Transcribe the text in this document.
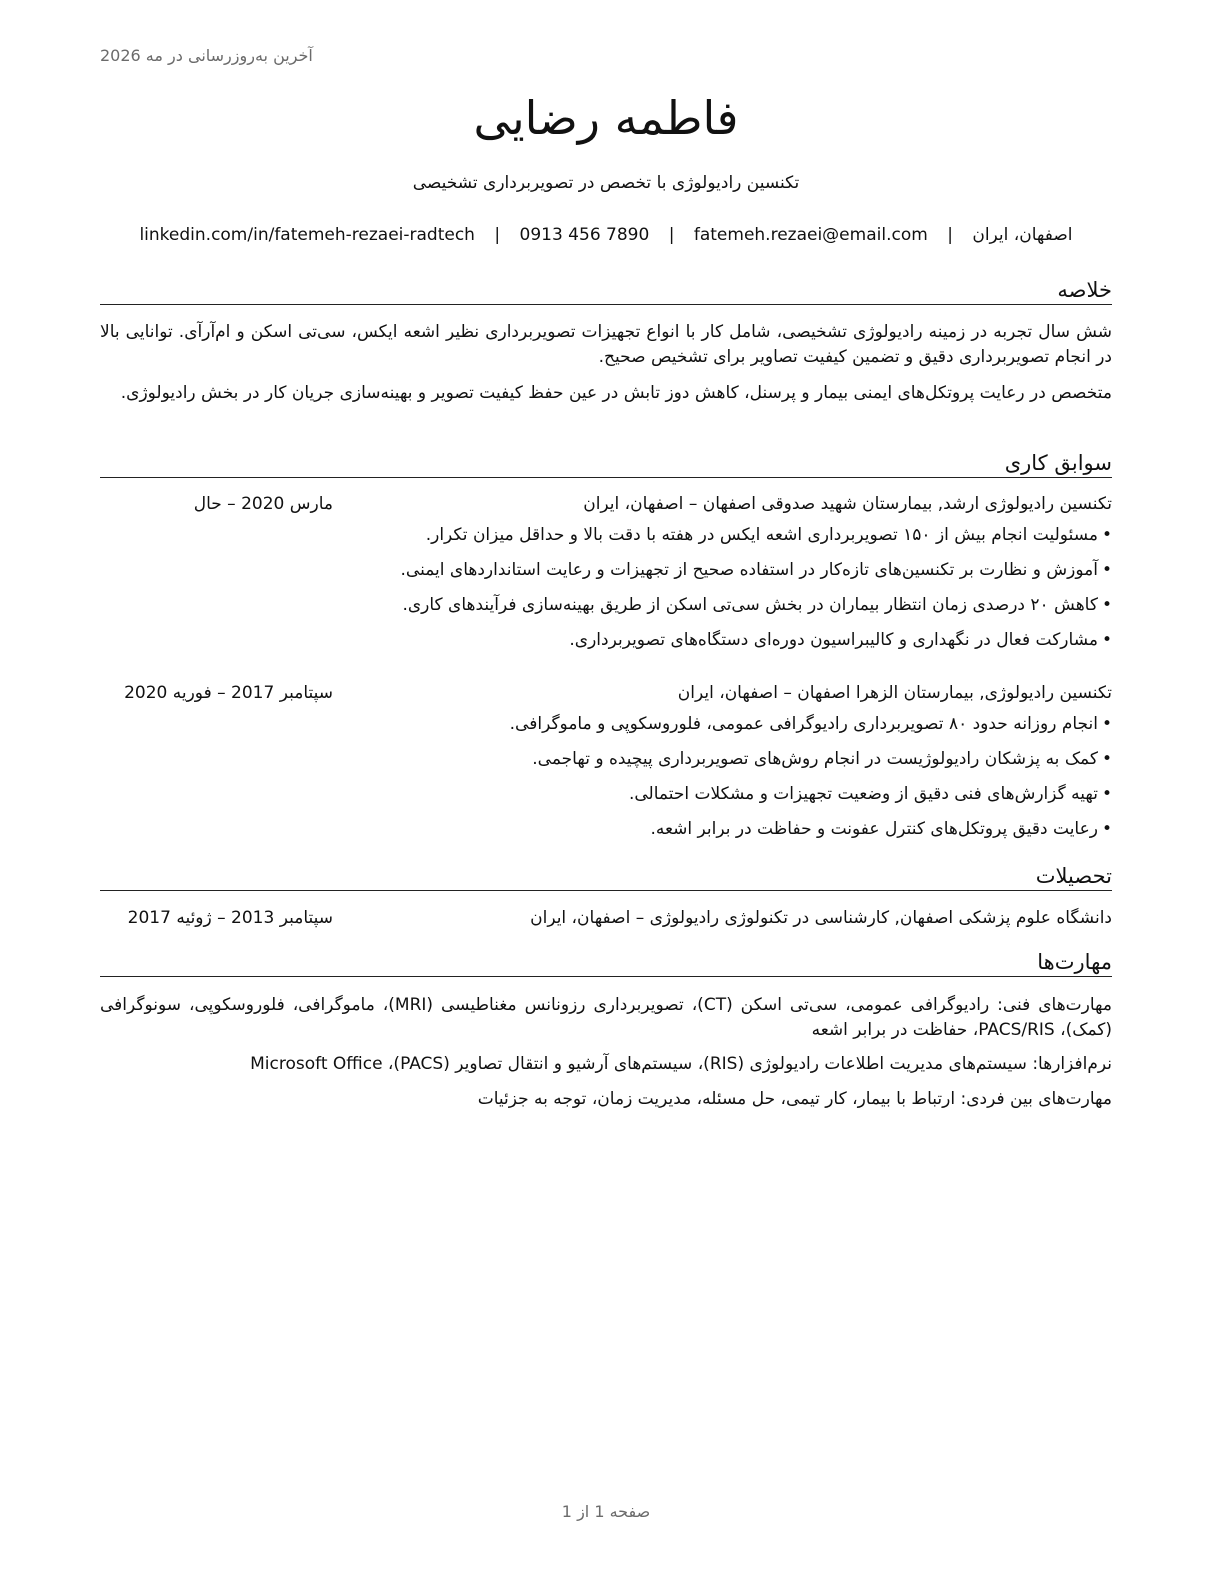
آخرین به‌روزرسانی در مه 2026
فاطمه رضایی
تکنسین رادیولوژی با تخصص در تصویربرداری تشخیصی
اصفهان، ایران | fatemeh.rezaei@email.com | 0913 456 7890 | linkedin.com/in/fatemeh-rezaei-radtech
خلاصه
شش سال تجربه در زمینه رادیولوژی تشخیصی، شامل کار با انواع تجهیزات تصویربرداری نظیر اشعه ایکس، سی‌تی اسکن و ام‌آرآی. توانایی بالا در انجام تصویربرداری دقیق و تضمین کیفیت تصاویر برای تشخیص صحیح.
متخصص در رعایت پروتکل‌های ایمنی بیمار و پرسنل، کاهش دوز تابش در عین حفظ کیفیت تصویر و بهینه‌سازی جریان کار در بخش رادیولوژی.
سوابق کاری
تکنسین رادیولوژی ارشد, بیمارستان شهید صدوقی اصفهان – اصفهان، ایران
مارس 2020 – حال
•مسئولیت انجام بیش از ۱۵۰ تصویربرداری اشعه ایکس در هفته با دقت بالا و حداقل میزان تکرار.
•آموزش و نظارت بر تکنسین‌های تازه‌کار در استفاده صحیح از تجهیزات و رعایت استانداردهای ایمنی.
•کاهش ۲۰ درصدی زمان انتظار بیماران در بخش سی‌تی اسکن از طریق بهینه‌سازی فرآیندهای کاری.
•مشارکت فعال در نگهداری و کالیبراسیون دوره‌ای دستگاه‌های تصویربرداری.
تکنسین رادیولوژی, بیمارستان الزهرا اصفهان – اصفهان، ایران
سپتامبر 2017 – فوریه 2020
•انجام روزانه حدود ۸۰ تصویربرداری رادیوگرافی عمومی، فلوروسکوپی و ماموگرافی.
•کمک به پزشکان رادیولوژیست در انجام روش‌های تصویربرداری پیچیده و تهاجمی.
•تهیه گزارش‌های فنی دقیق از وضعیت تجهیزات و مشکلات احتمالی.
•رعایت دقیق پروتکل‌های کنترل عفونت و حفاظت در برابر اشعه.
تحصیلات
دانشگاه علوم پزشکی اصفهان, کارشناسی در تکنولوژی رادیولوژی – اصفهان، ایران
سپتامبر 2013 – ژوئیه 2017
مهارت‌ها
مهارت‌های فنی: رادیوگرافی عمومی، سی‌تی اسکن (CT)، تصویربرداری رزونانس مغناطیسی (MRI)، ماموگرافی، فلوروسکوپی، سونوگرافی (کمک)، PACS/RIS، حفاظت در برابر اشعه
نرم‌افزارها: سیستم‌های مدیریت اطلاعات رادیولوژی (RIS)، سیستم‌های آرشیو و انتقال تصاویر (PACS)، Microsoft Office
مهارت‌های بین فردی: ارتباط با بیمار، کار تیمی، حل مسئله، مدیریت زمان، توجه به جزئیات
صفحه 1 از 1
